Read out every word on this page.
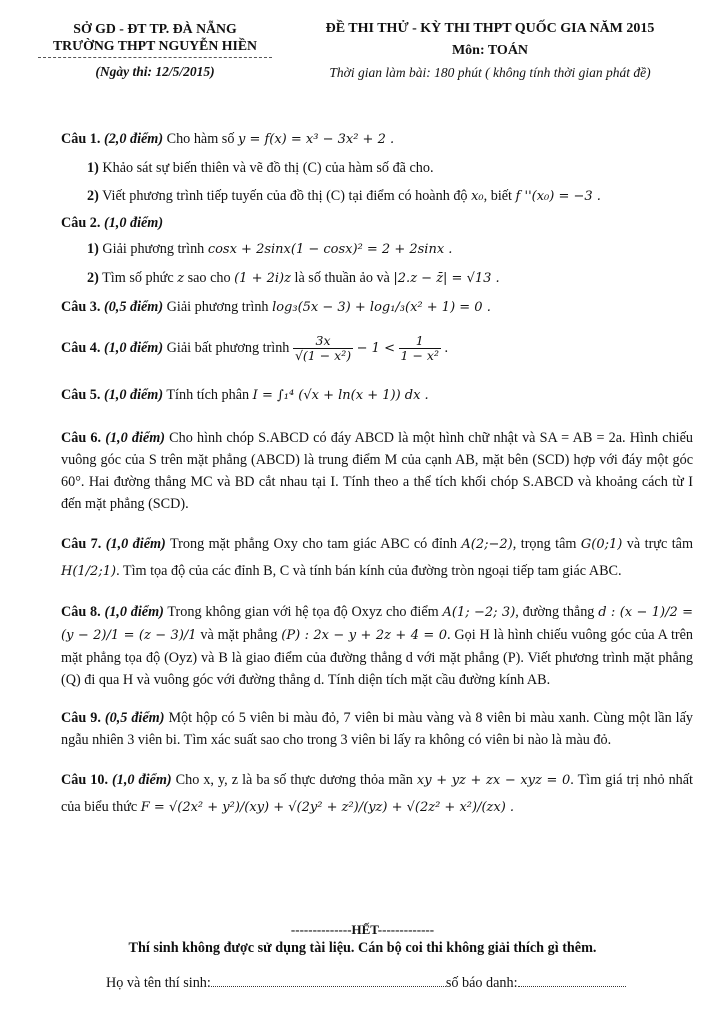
SỞ GD - ĐT TP. ĐÀ NẴNG
TRƯỜNG THPT NGUYỄN HIỀN
(Ngày thi: 12/5/2015)
ĐỀ THI THỬ - KỲ THI THPT QUỐC GIA NĂM 2015
Môn: TOÁN
Thời gian làm bài: 180 phút ( không tính thời gian phát đề)

Câu 1. (2,0 điểm) Cho hàm số y = f(x) = x³ − 3x² + 2 .

1) Khảo sát sự biến thiên và vẽ đồ thị (C) của hàm số đã cho.

2) Viết phương trình tiếp tuyến của đồ thị (C) tại điểm có hoành độ x₀, biết f ''(x₀) = −3 .

Câu 2. (1,0 điểm)

1) Giải phương trình cosx + 2sinx(1 − cosx)² = 2 + 2sinx .

2) Tìm số phức z sao cho (1 + 2i)z là số thuần ảo và |2.z − z̄| = √13 .

Câu 3. (0,5 điểm) Giải phương trình log₃(5x − 3) + log₁/₃(x² + 1) = 0 .

Câu 4. (1,0 điểm) Giải bất phương trình $\frac{3x}{\text{√(1 − x²)}} - 1 < \frac{1}{\text{1 − x²}}$ .

Câu 5. (1,0 điểm) Tính tích phân I = ∫₁⁴ (√x + ln(x + 1)) dx .

Câu 6. (1,0 điểm) Cho hình chóp S.ABCD có đáy ABCD là một hình chữ nhật và SA = AB = 2a. Hình chiếu vuông góc của S trên mặt phẳng (ABCD) là trung điểm M của cạnh AB, mặt bên (SCD) hợp với đáy một góc 60°. Hai đường thẳng MC và BD cắt nhau tại I. Tính theo a thể tích khối chóp S.ABCD và khoảng cách từ I đến mặt phẳng (SCD).

Câu 7. (1,0 điểm) Trong mặt phẳng Oxy cho tam giác ABC có đỉnh A(2;−2), trọng tâm G(0;1) và trực tâm H(1/2;1). Tìm tọa độ của các đỉnh B, C và tính bán kính của đường tròn ngoại tiếp tam giác ABC.

Câu 8. (1,0 điểm) Trong không gian với hệ tọa độ Oxyz cho điểm A(1; −2; 3), đường thẳng d : (x − 1)/2 = (y − 2)/1 = (z − 3)/1 và mặt phẳng (P) : 2x − y + 2z + 4 = 0. Gọi H là hình chiếu vuông góc của A trên mặt phẳng tọa độ (Oyz) và B là giao điểm của đường thẳng d với mặt phẳng (P). Viết phương trình mặt phẳng (Q) đi qua H và vuông góc với đường thẳng d. Tính diện tích mặt cầu đường kính AB.

Câu 9. (0,5 điểm) Một hộp có 5 viên bi màu đỏ, 7 viên bi màu vàng và 8 viên bi màu xanh. Cùng một lần lấy ngẫu nhiên 3 viên bi. Tìm xác suất sao cho trong 3 viên bi lấy ra không có viên bi nào là màu đỏ.

Câu 10. (1,0 điểm) Cho x, y, z là ba số thực dương thỏa mãn xy + yz + zx − xyz = 0. Tìm giá trị nhỏ nhất của biểu thức F = √(2x² + y²)/(xy) + √(2y² + z²)/(yz) + √(2z² + x²)/(zx) .

--------------HẾT-------------
Thí sinh không được sử dụng tài liệu. Cán bộ coi thi không giải thích gì thêm.
Họ và tên thí sinh:	số báo danh:
